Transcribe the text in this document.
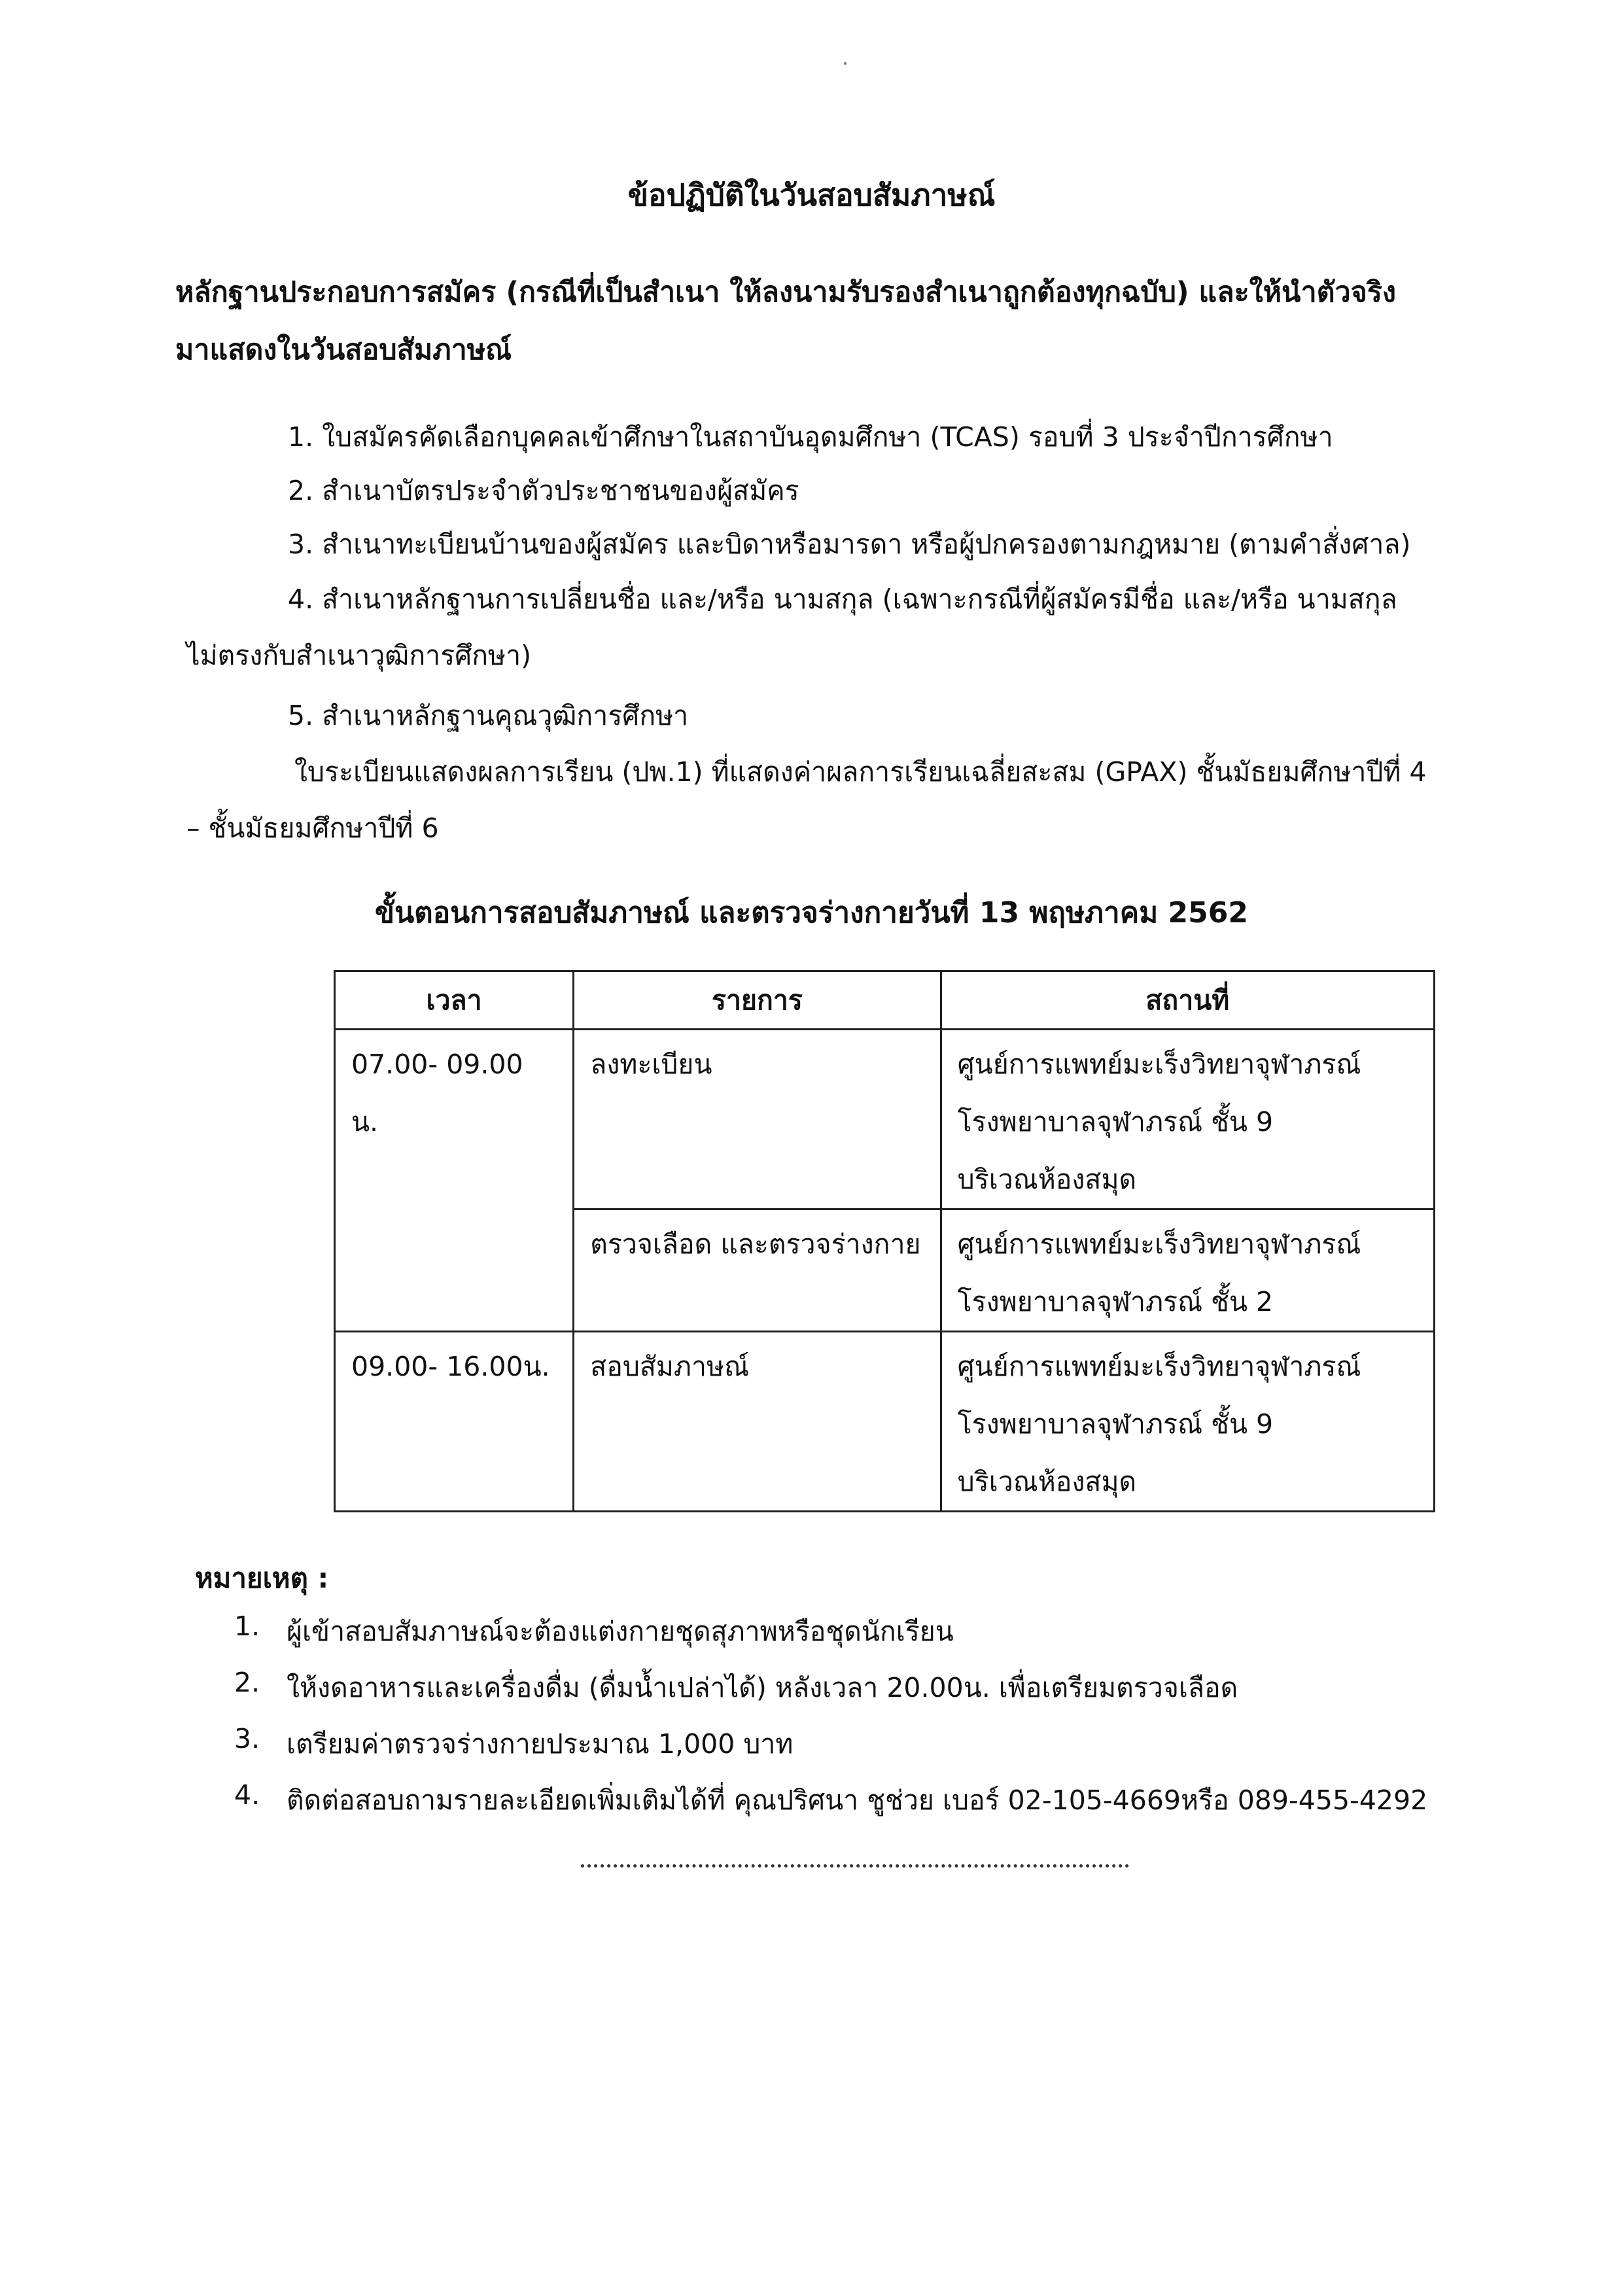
ข้อปฏิบัติในวันสอบสัมภาษณ์
หลักฐานประกอบการสมัคร (กรณีที่เป็นสำเนา ให้ลงนามรับรองสำเนาถูกต้องทุกฉบับ) และให้นำตัวจริง
มาแสดงในวันสอบสัมภาษณ์
1. ใบสมัครคัดเลือกบุคคลเข้าศึกษาในสถาบันอุดมศึกษา (TCAS) รอบที่ 3 ประจำปีการศึกษา
2. สำเนาบัตรประจำตัวประชาชนของผู้สมัคร
3. สำเนาทะเบียนบ้านของผู้สมัคร และบิดาหรือมารดา หรือผู้ปกครองตามกฎหมาย (ตามคำสั่งศาล)
4. สำเนาหลักฐานการเปลี่ยนชื่อ และ/หรือ นามสกุล (เฉพาะกรณีที่ผู้สมัครมีชื่อ และ/หรือ นามสกุล
ไม่ตรงกับสำเนาวุฒิการศึกษา)
5. สำเนาหลักฐานคุณวุฒิการศึกษา
ใบระเบียนแสดงผลการเรียน (ปพ.1) ที่แสดงค่าผลการเรียนเฉลี่ยสะสม (GPAX) ชั้นมัธยมศึกษาปีที่ 4
– ชั้นมัธยมศึกษาปีที่ 6
ขั้นตอนการสอบสัมภาษณ์ และตรวจร่างกายวันที่ 13 พฤษภาคม 2562
เวลา	รายการ	สถานที่
07.00- 09.00 น.	ลงทะเบียน	ศูนย์การแพทย์มะเร็งวิทยาจุฬาภรณ์
โรงพยาบาลจุฬาภรณ์ ชั้น 9
บริเวณห้องสมุด

	ตรวจเลือด และตรวจร่างกาย	ศูนย์การแพทย์มะเร็งวิทยาจุฬาภรณ์
โรงพยาบาลจุฬาภรณ์ ชั้น 2

09.00- 16.00น.	สอบสัมภาษณ์	ศูนย์การแพทย์มะเร็งวิทยาจุฬาภรณ์
โรงพยาบาลจุฬาภรณ์ ชั้น 9
บริเวณห้องสมุด
หมายเหตุ :
1. ผู้เข้าสอบสัมภาษณ์จะต้องแต่งกายชุดสุภาพหรือชุดนักเรียน
2. ให้งดอาหารและเครื่องดื่ม (ดื่มน้ำเปล่าได้) หลังเวลา 20.00น. เพื่อเตรียมตรวจเลือด
3. เตรียมค่าตรวจร่างกายประมาณ 1,000 บาท
4. ติดต่อสอบถามรายละเอียดเพิ่มเติมได้ที่ คุณปริศนา ชูช่วย เบอร์ 02-105-4669หรือ 089-455-4292
